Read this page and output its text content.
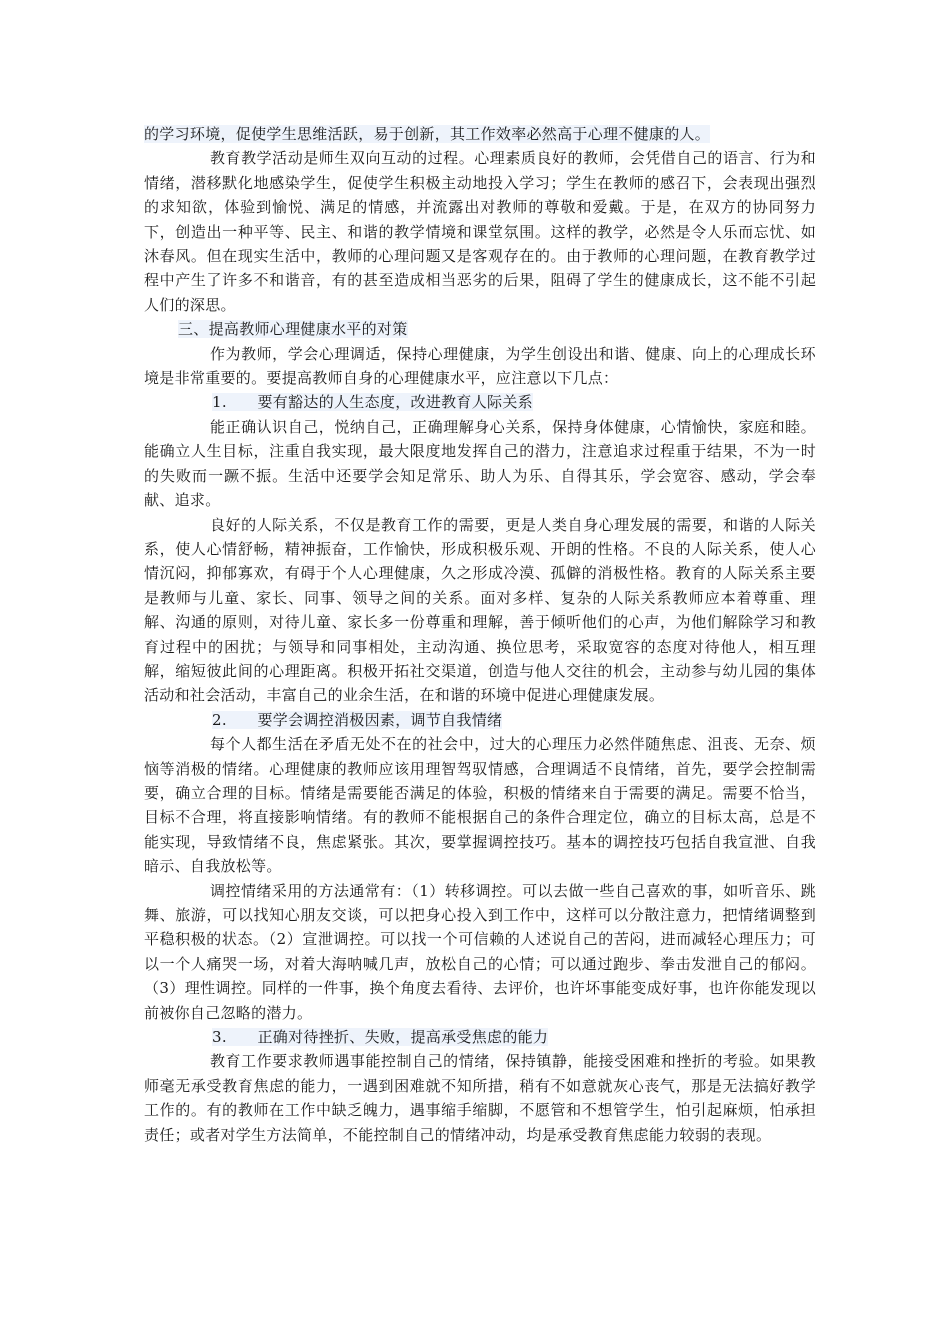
的学习环境，促使学生思维活跃，易于创新，其工作效率必然高于心理不健康的人。

教育教学活动是师生双向互动的过程。心理素质良好的教师，会凭借自己的语言、行为和情绪，潜移默化地感染学生，促使学生积极主动地投入学习；学生在教师的感召下，会表现出强烈的求知欲，体验到愉悦、满足的情感，并流露出对教师的尊敬和爱戴。于是，在双方的协同努力下，创造出一种平等、民主、和谐的教学情境和课堂氛围。这样的教学，必然是令人乐而忘忧、如沐春风。但在现实生活中，教师的心理问题又是客观存在的。由于教师的心理问题，在教育教学过程中产生了许多不和谐音，有的甚至造成相当恶劣的后果，阻碍了学生的健康成长，这不能不引起人们的深思。

三、提高教师心理健康水平的对策

作为教师，学会心理调适，保持心理健康，为学生创设出和谐、健康、向上的心理成长环境是非常重要的。要提高教师自身的心理健康水平，应注意以下几点：

1.　　要有豁达的人生态度，改进教育人际关系

能正确认识自己，悦纳自己，正确理解身心关系，保持身体健康，心情愉快，家庭和睦。能确立人生目标，注重自我实现，最大限度地发挥自己的潜力，注意追求过程重于结果，不为一时的失败而一蹶不振。生活中还要学会知足常乐、助人为乐、自得其乐，学会宽容、感动，学会奉献、追求。

良好的人际关系，不仅是教育工作的需要，更是人类自身心理发展的需要，和谐的人际关系，使人心情舒畅，精神振奋，工作愉快，形成积极乐观、开朗的性格。不良的人际关系，使人心情沉闷，抑郁寡欢，有碍于个人心理健康，久之形成冷漠、孤僻的消极性格。教育的人际关系主要是教师与儿童、家长、同事、领导之间的关系。面对多样、复杂的人际关系教师应本着尊重、理解、沟通的原则，对待儿童、家长多一份尊重和理解，善于倾听他们的心声，为他们解除学习和教育过程中的困扰；与领导和同事相处，主动沟通、换位思考，采取宽容的态度对待他人，相互理解，缩短彼此间的心理距离。积极开拓社交渠道，创造与他人交往的机会，主动参与幼儿园的集体活动和社会活动，丰富自己的业余生活，在和谐的环境中促进心理健康发展。

2.　　要学会调控消极因素，调节自我情绪

每个人都生活在矛盾无处不在的社会中，过大的心理压力必然伴随焦虑、沮丧、无奈、烦恼等消极的情绪。心理健康的教师应该用理智驾驭情感，合理调适不良情绪，首先，要学会控制需要，确立合理的目标。情绪是需要能否满足的体验，积极的情绪来自于需要的满足。需要不恰当，目标不合理，将直接影响情绪。有的教师不能根据自己的条件合理定位，确立的目标太高，总是不能实现，导致情绪不良，焦虑紧张。其次，要掌握调控技巧。基本的调控技巧包括自我宣泄、自我暗示、自我放松等。

调控情绪采用的方法通常有：（1）转移调控。可以去做一些自己喜欢的事，如听音乐、跳舞、旅游，可以找知心朋友交谈，可以把身心投入到工作中，这样可以分散注意力，把情绪调整到平稳积极的状态。（2）宣泄调控。可以找一个可信赖的人述说自己的苦闷，进而减轻心理压力；可以一个人痛哭一场，对着大海呐喊几声，放松自己的心情；可以通过跑步、拳击发泄自己的郁闷。（3）理性调控。同样的一件事，换个角度去看待、去评价，也许坏事能变成好事，也许你能发现以前被你自己忽略的潜力。

3.　　正确对待挫折、失败，提高承受焦虑的能力

教育工作要求教师遇事能控制自己的情绪，保持镇静，能接受困难和挫折的考验。如果教师毫无承受教育焦虑的能力，一遇到困难就不知所措，稍有不如意就灰心丧气，那是无法搞好教学工作的。有的教师在工作中缺乏魄力，遇事缩手缩脚，不愿管和不想管学生，怕引起麻烦，怕承担责任；或者对学生方法简单，不能控制自己的情绪冲动，均是承受教育焦虑能力较弱的表现。
